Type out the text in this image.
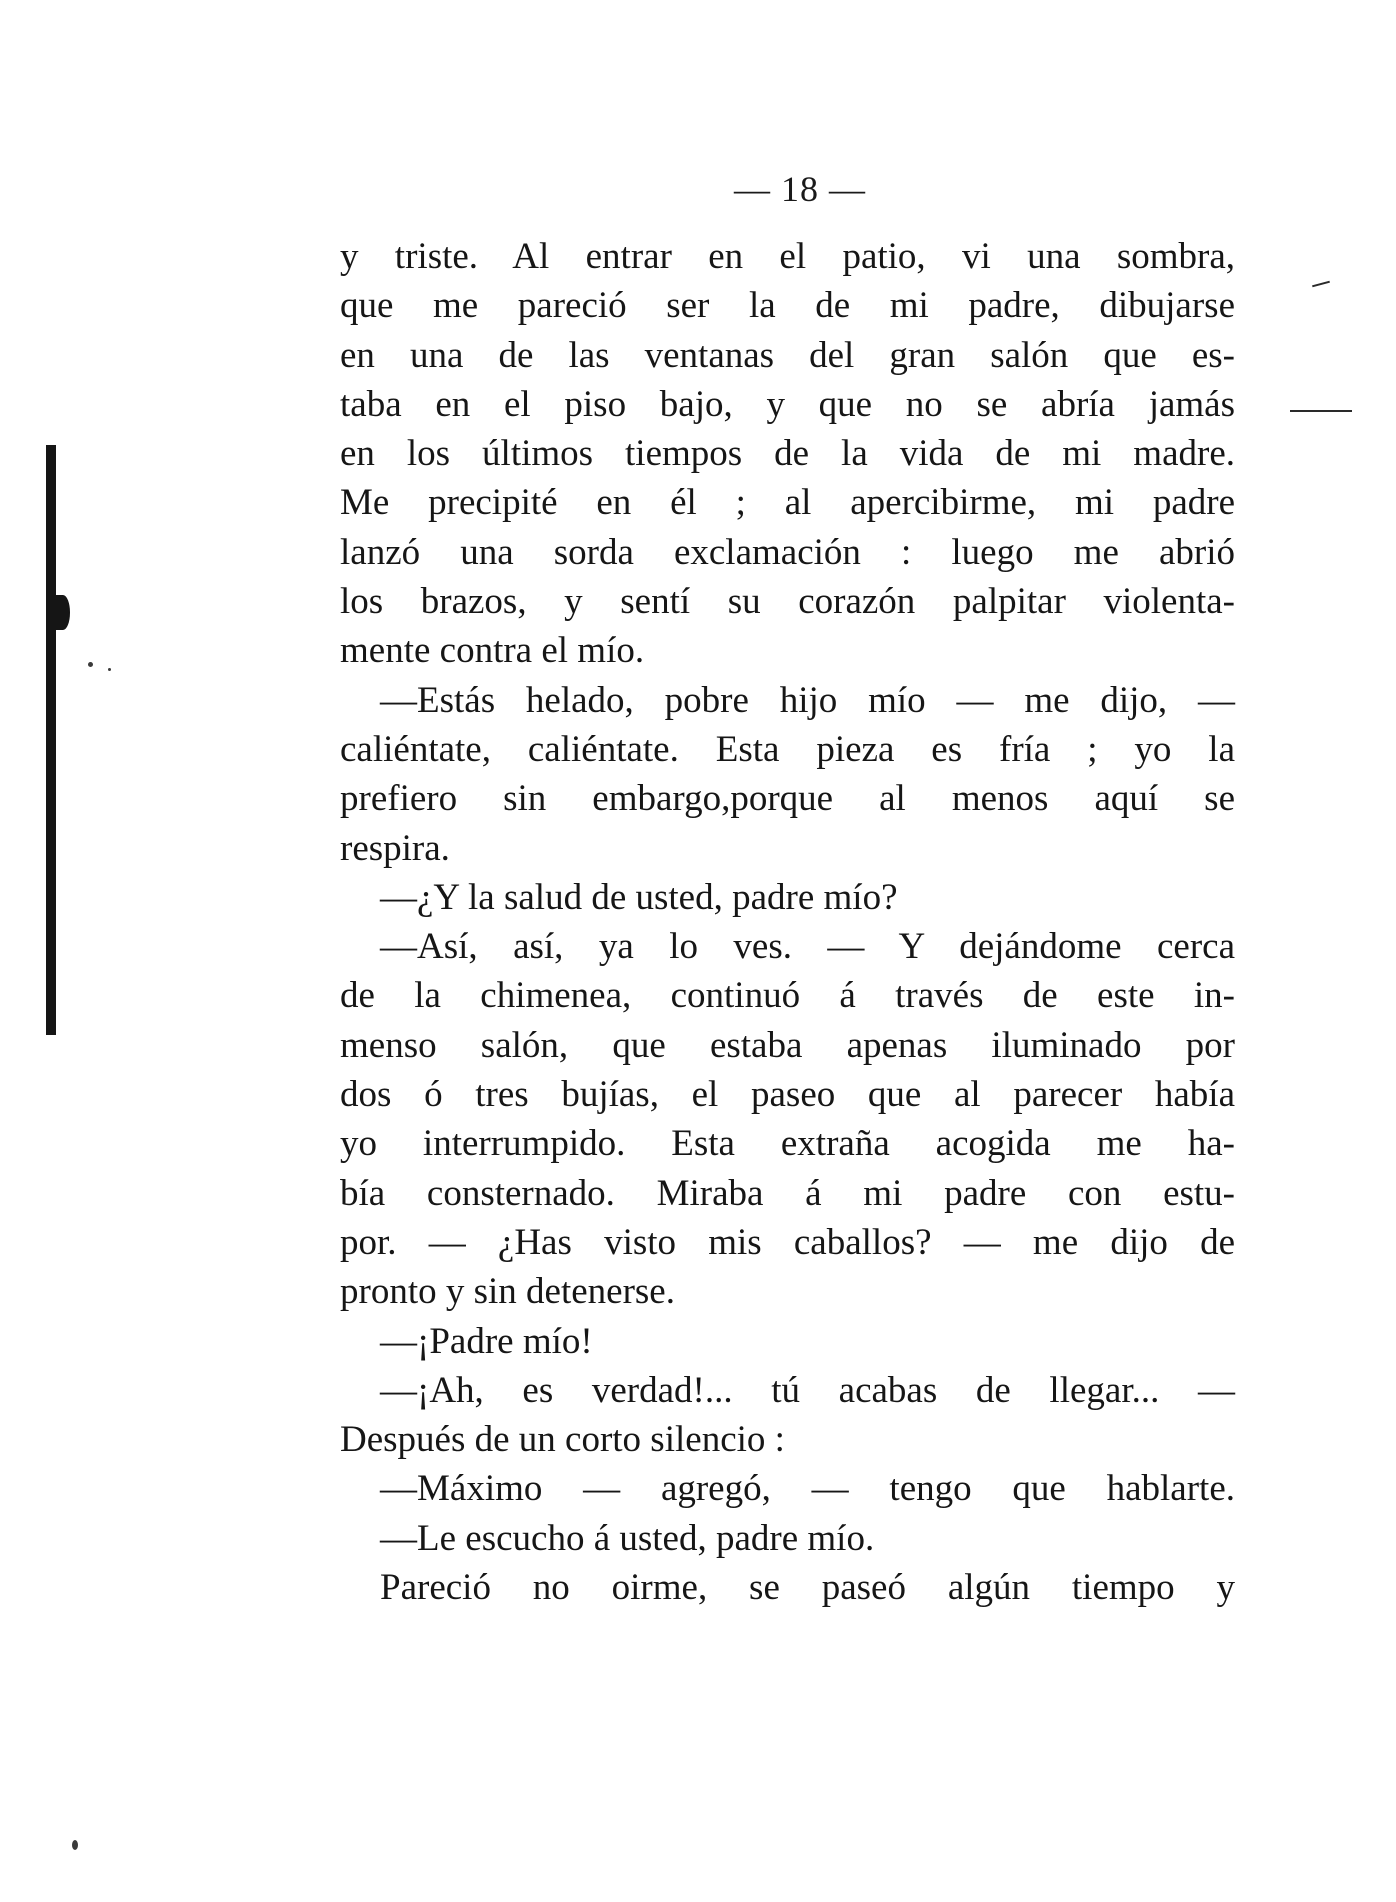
— 18 —
y triste. Al entrar en el patio, vi una sombra,
que me pareció ser la de mi padre, dibujarse
en una de las ventanas del gran salón que es-
taba en el piso bajo, y que no se abría jamás
en los últimos tiempos de la vida de mi madre.
Me precipité en él ; al apercibirme, mi padre
lanzó una sorda exclamación : luego me abrió
los brazos, y sentí su corazón palpitar violenta-
mente contra el mío.
—Estás helado, pobre hijo mío — me dijo, —
caliéntate, caliéntate. Esta pieza es fría ; yo la
prefiero sin embargo,porque al menos aquí se
respira.
—¿Y la salud de usted, padre mío?
—Así, así, ya lo ves. — Y dejándome cerca
de la chimenea, continuó á través de este in-
menso salón, que estaba apenas iluminado por
dos ó tres bujías, el paseo que al parecer había
yo interrumpido. Esta extraña acogida me ha-
bía consternado. Miraba á mi padre con estu-
por. — ¿Has visto mis caballos? — me dijo de
pronto y sin detenerse.
—¡Padre mío!
—¡Ah, es verdad!... tú acabas de llegar... —
Después de un corto silencio :
—Máximo — agregó, — tengo que hablarte.
—Le escucho á usted, padre mío.
Pareció no oirme, se paseó algún tiempo y
